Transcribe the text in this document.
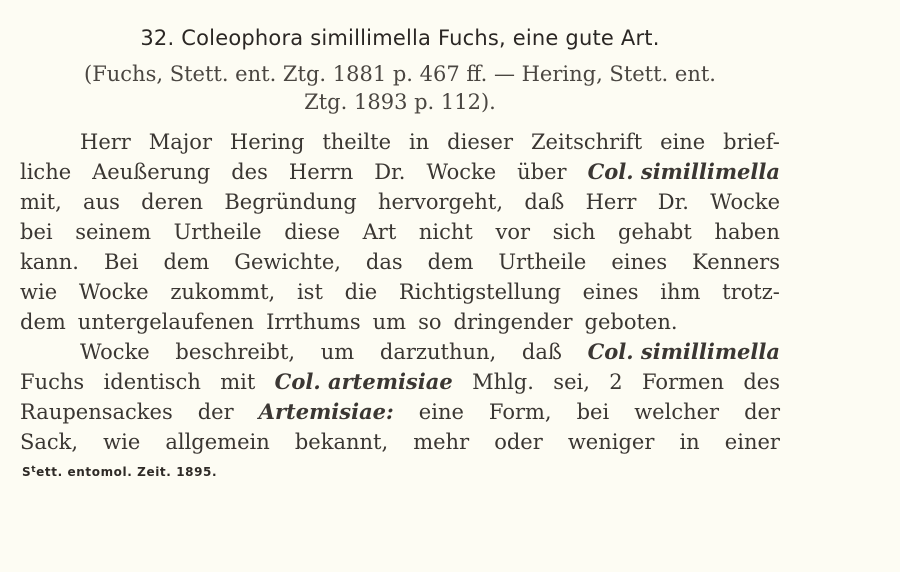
32. Coleophora simillimella Fuchs, eine gute Art.
(Fuchs, Stett. ent. Ztg. 1881 p. 467 ff. — Hering, Stett. ent.
Ztg. 1893 p. 112).
Herr Major Hering theilte in dieser Zeitschrift eine brief-
liche Aeußerung des Herrn Dr. Wocke über Col. simillimella
mit, aus deren Begründung hervorgeht, daß Herr Dr. Wocke
bei seinem Urtheile diese Art nicht vor sich gehabt haben
kann. Bei dem Gewichte, das dem Urtheile eines Kenners
wie Wocke zukommt, ist die Richtigstellung eines ihm trotz-
dem untergelaufenen Irrthums um so dringender geboten.
Wocke beschreibt, um darzuthun, daß Col. simillimella
Fuchs identisch mit Col. artemisiae Mhlg. sei, 2 Formen des
Raupensackes der Artemisiae: eine Form, bei welcher der
Sack, wie allgemein bekannt, mehr oder weniger in einer
$S^tett$. entomol. Zeit. 1895.
